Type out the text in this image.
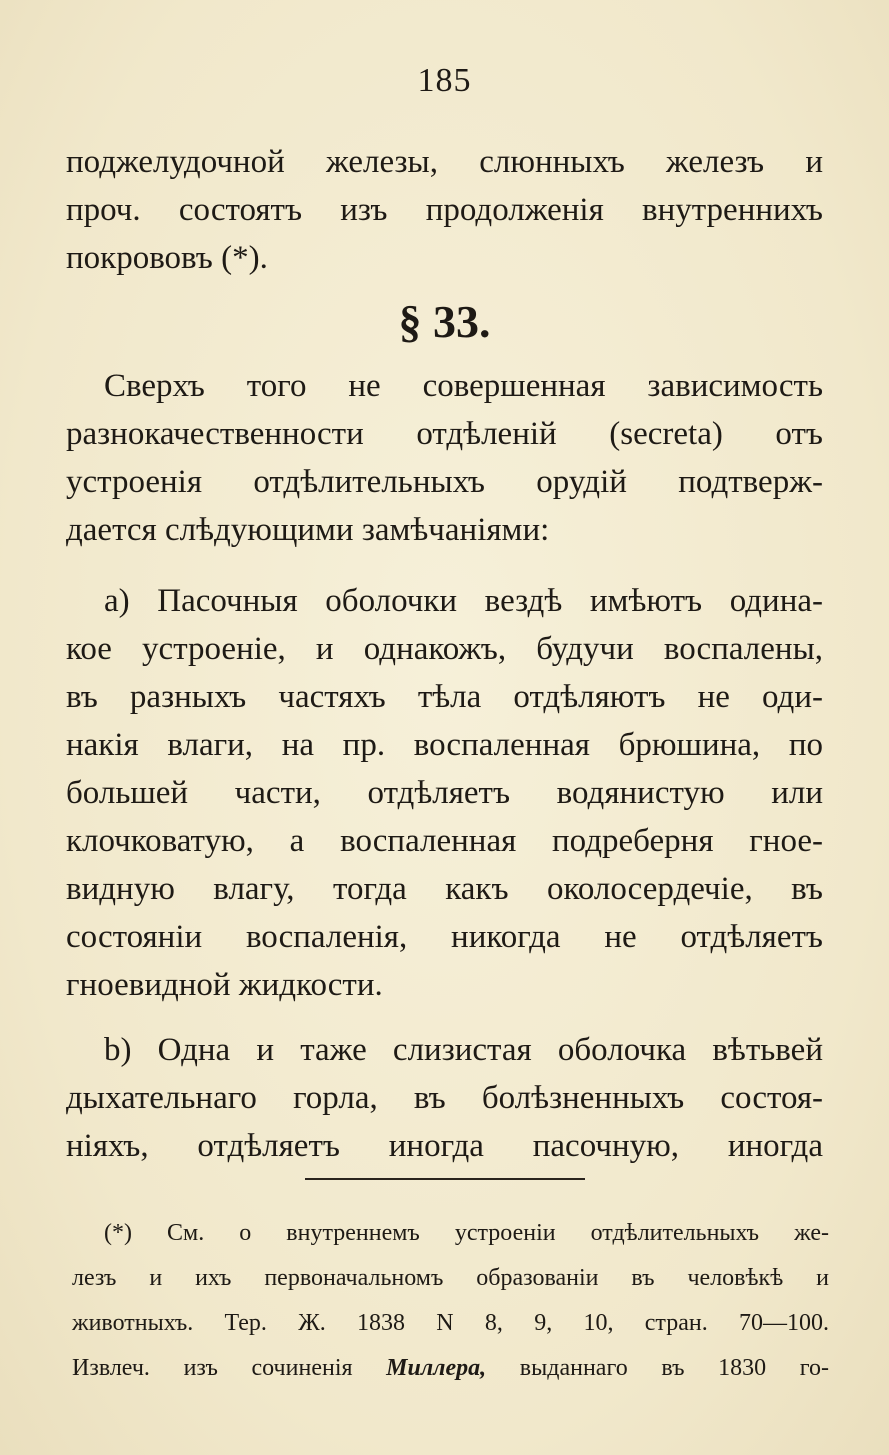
185
поджелудочной железы, слюнныхъ железъ и
проч. состоятъ изъ продолженія внутреннихъ
покрововъ (*).
§ 33.
Сверхъ того не совершенная зависимость
разнокачественности отдѣленій (secreta) отъ
устроенія отдѣлительныхъ орудій подтверж-
дается слѣдующими замѣчаніями:
а) Пасочныя оболочки вездѣ имѣютъ одина-
кое устроеніе, и однакожъ, будучи воспалены,
въ разныхъ частяхъ тѣла отдѣляютъ не оди-
накія влаги, на пр. воспаленная брюшина, по
большей части, отдѣляетъ водянистую или
клочковатую, а воспаленная подреберня гное-
видную влагу, тогда какъ околосердечіе, въ
состояніи воспаленія, никогда не отдѣляетъ
гноевидной жидкости.
b) Одна и таже слизистая оболочка вѣтьвей
дыхательнаго горла, въ болѣзненныхъ состоя-
ніяхъ, отдѣляетъ иногда пасочную, иногда
(*) См. о внутреннемъ устроеніи отдѣлительныхъ же-
лезъ и ихъ первоначальномъ образованіи въ человѣкѣ и
животныхъ. Тер. Ж. 1838 N 8, 9, 10, стран. 70—100.
Извлеч. изъ сочиненія Миллера, выданнаго въ 1830 го-
